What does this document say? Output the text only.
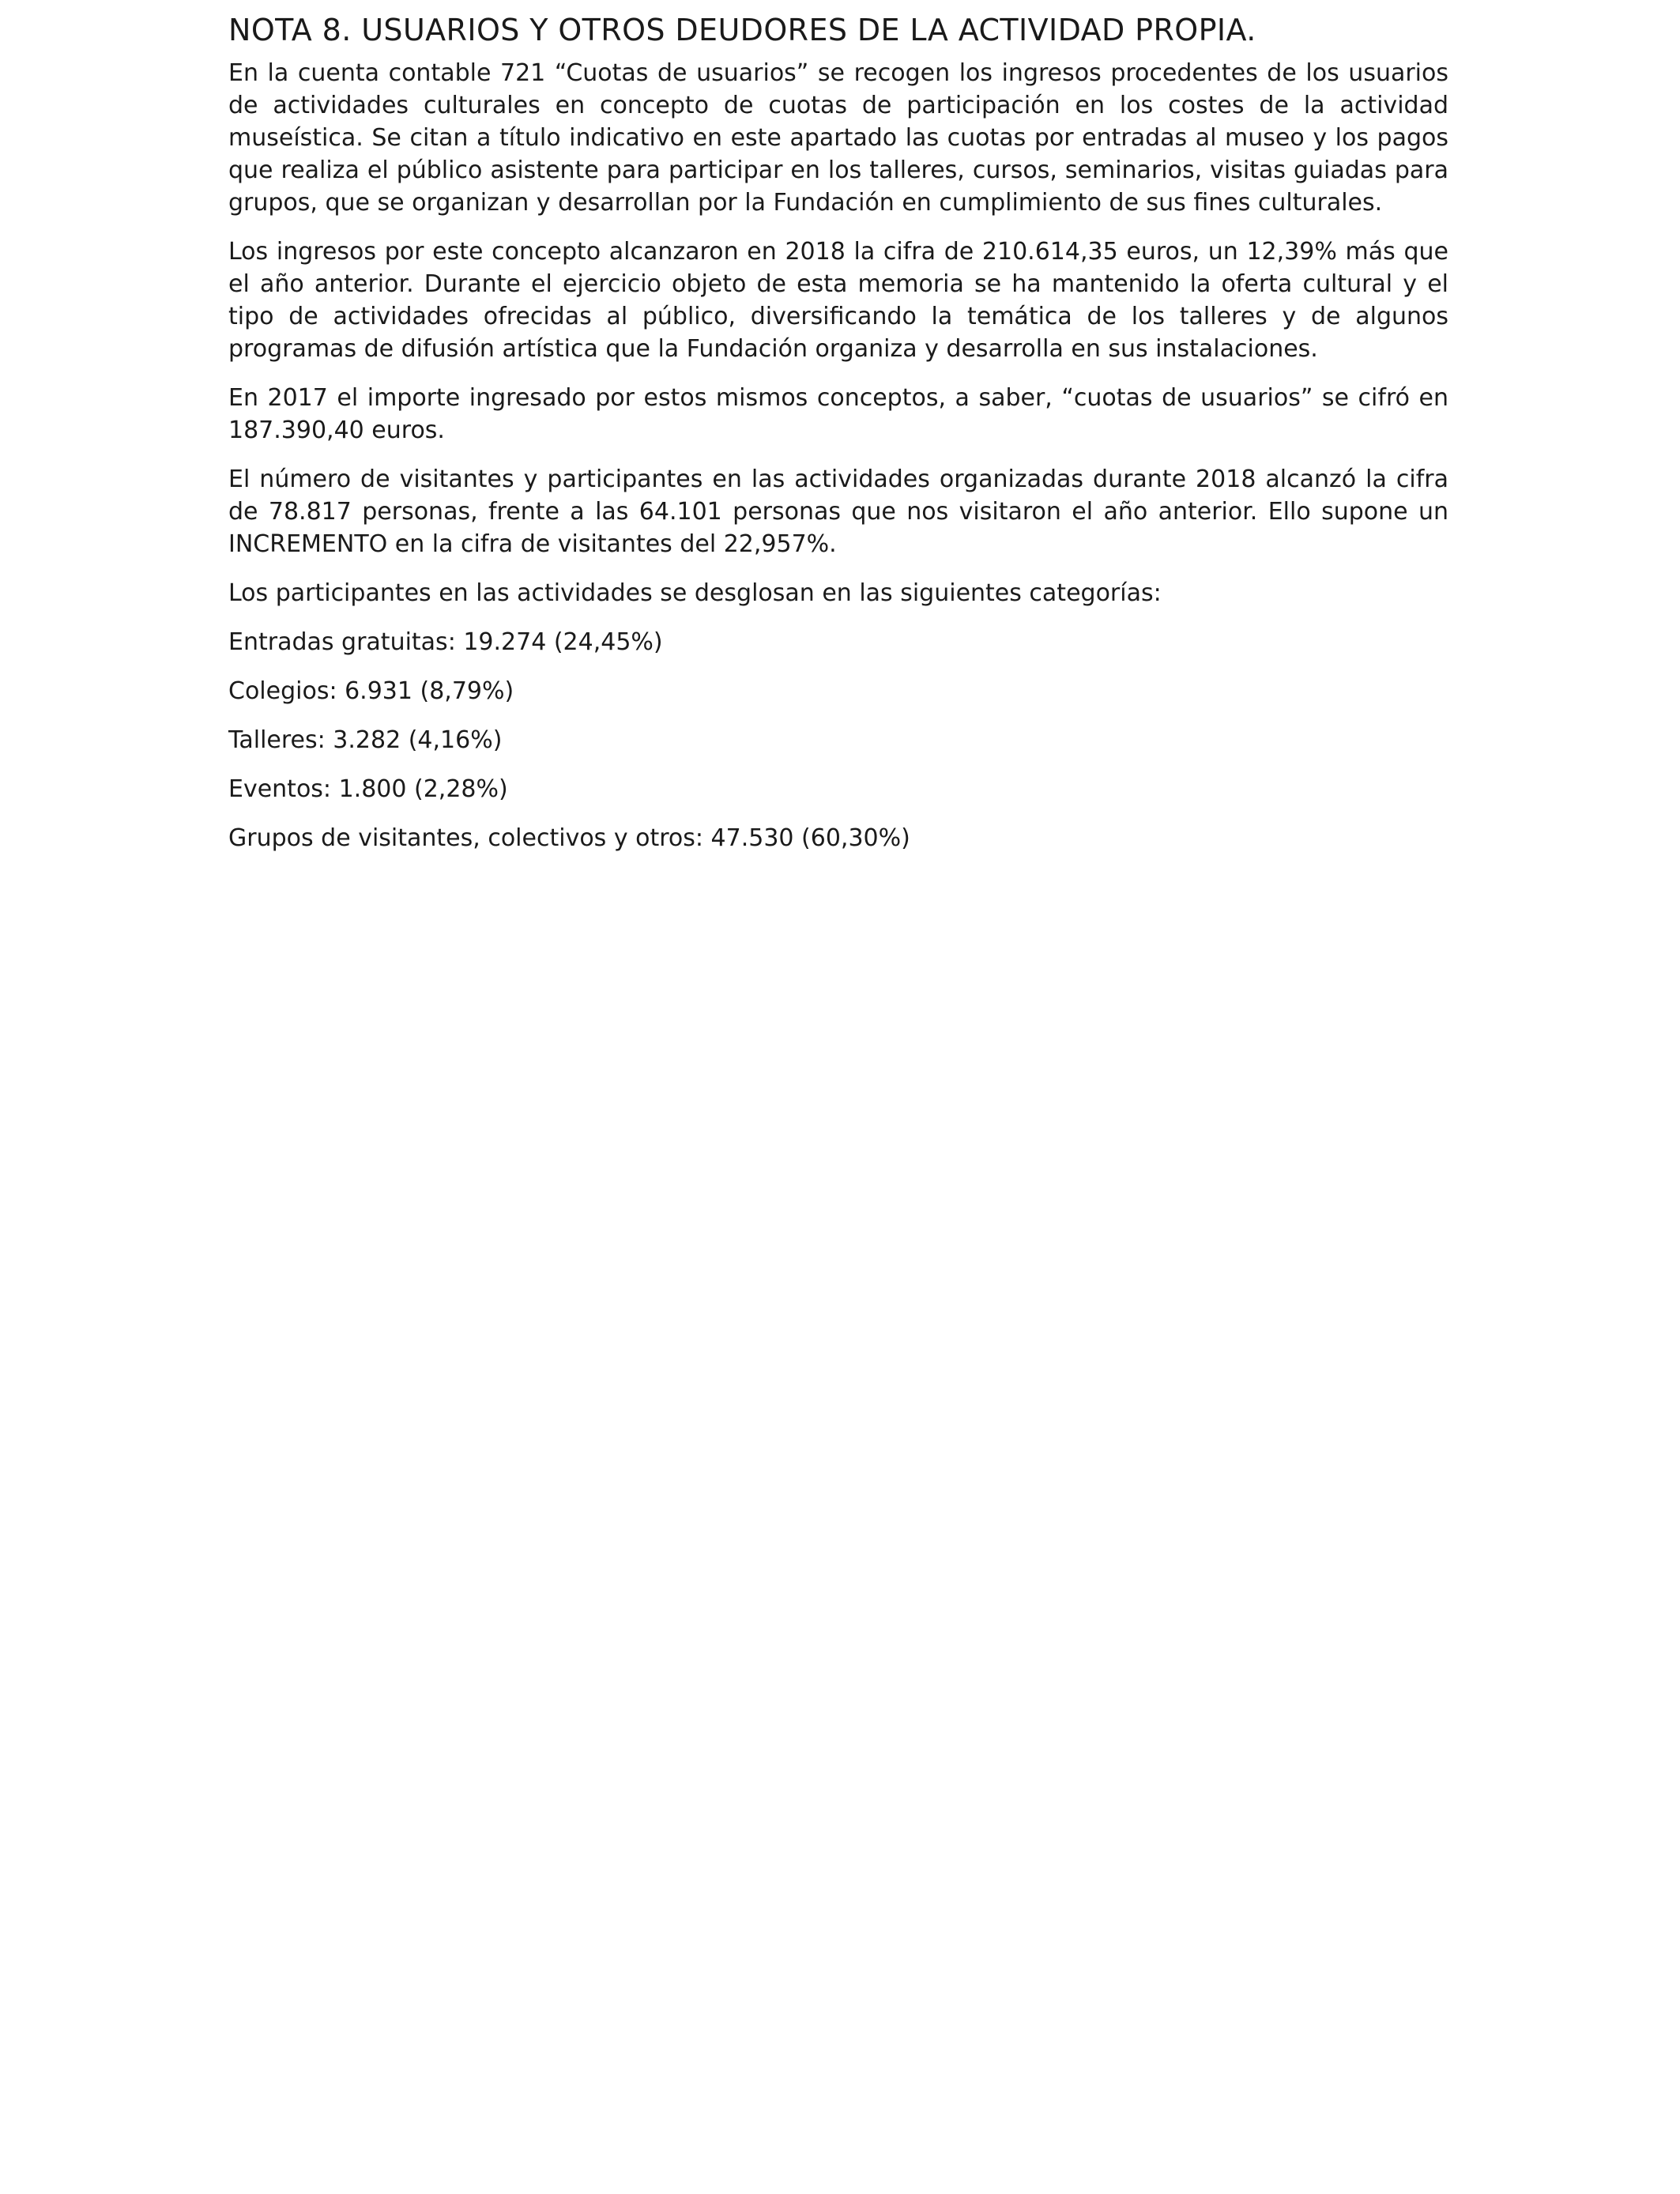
NOTA 8. USUARIOS Y OTROS DEUDORES DE LA ACTIVIDAD PROPIA.

En la cuenta contable 721 “Cuotas de usuarios” se recogen los ingresos procedentes de los usuarios de actividades culturales en concepto de cuotas de participación en los costes de la actividad museística. Se citan a título indicativo en este apartado las cuotas por entradas al museo y los pagos que realiza el público asistente para participar en los talleres, cursos, seminarios, visitas guiadas para grupos, que se organizan y desarrollan por la Fundación en cumplimiento de sus fines culturales.

Los ingresos por este concepto alcanzaron en 2018 la cifra de 210.614,35 euros, un 12,39% más que el año anterior. Durante el ejercicio objeto de esta memoria se ha mantenido la oferta cultural y el tipo de actividades ofrecidas al público, diversificando la temática de los talleres y de algunos programas de difusión artística que la Fundación organiza y desarrolla en sus instalaciones.

En 2017 el importe ingresado por estos mismos conceptos, a saber, “cuotas de usuarios” se cifró en 187.390,40 euros.

El número de visitantes y participantes en las actividades organizadas durante 2018 alcanzó la cifra de 78.817 personas, frente a las 64.101 personas que nos visitaron el año anterior. Ello supone un INCREMENTO en la cifra de visitantes del 22,957%.

Los participantes en las actividades se desglosan en las siguientes categorías:

Entradas gratuitas: 19.274 (24,45%)
Colegios: 6.931 (8,79%)
Talleres: 3.282 (4,16%)
Eventos: 1.800 (2,28%)
Grupos de visitantes, colectivos y otros: 47.530 (60,30%)
